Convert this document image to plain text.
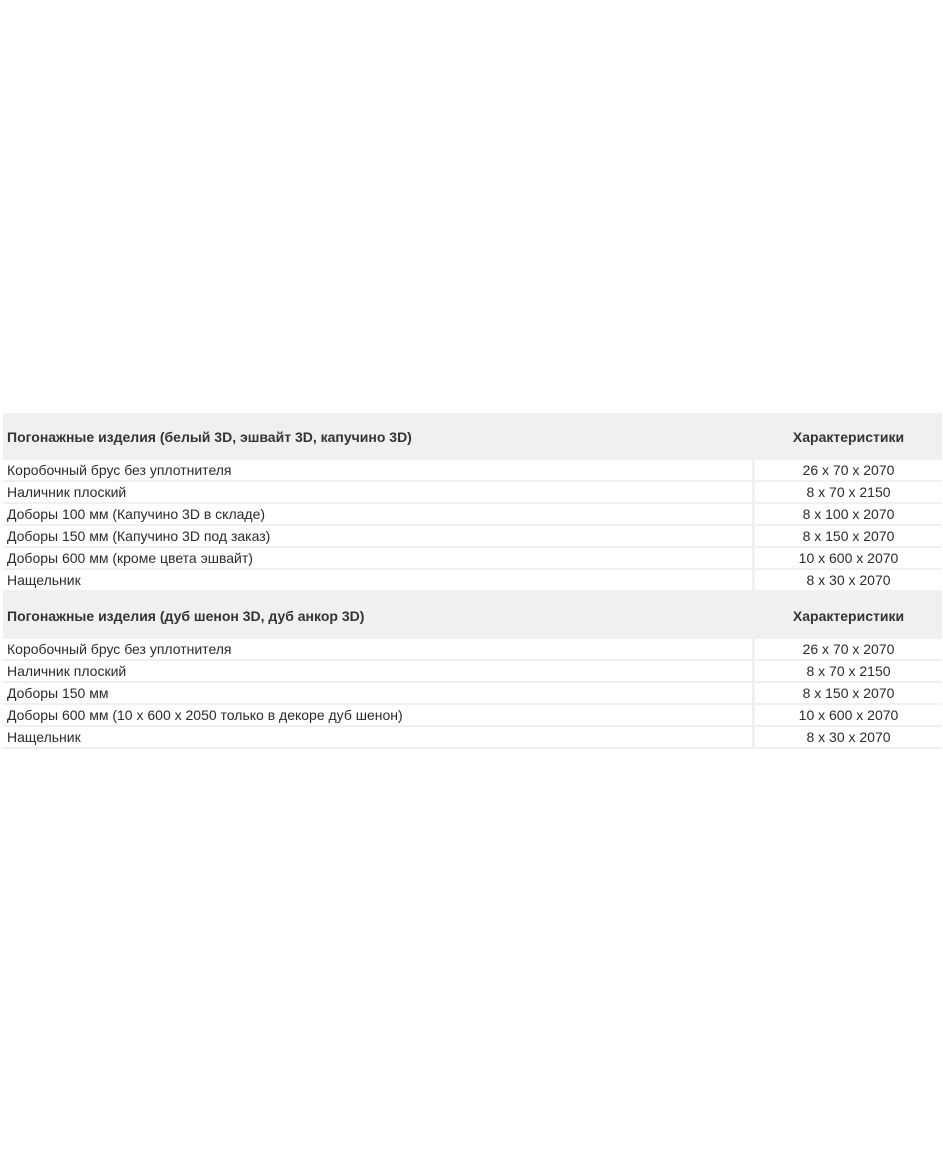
Погонажные изделия (белый 3D, эшвайт 3D, капучино 3D)	Характеристики
Коробочный брус без уплотнителя	26 x 70 x 2070
Наличник плоский	8 x 70 x 2150
Доборы 100 мм (Капучино 3D в складе)	8 x 100 x 2070
Доборы 150 мм (Капучино 3D под заказ)	8 x 150 x 2070
Доборы 600 мм (кроме цвета эшвайт)	10 x 600 x 2070
Нащельник	8 x 30 x 2070
Погонажные изделия (дуб шенон 3D, дуб анкор 3D)	Характеристики
Коробочный брус без уплотнителя	26 x 70 x 2070
Наличник плоский	8 x 70 x 2150
Доборы 150 мм	8 x 150 x 2070
Доборы 600 мм (10 x 600 x 2050 только в декоре дуб шенон)	10 x 600 x 2070
Нащельник	8 x 30 x 2070
